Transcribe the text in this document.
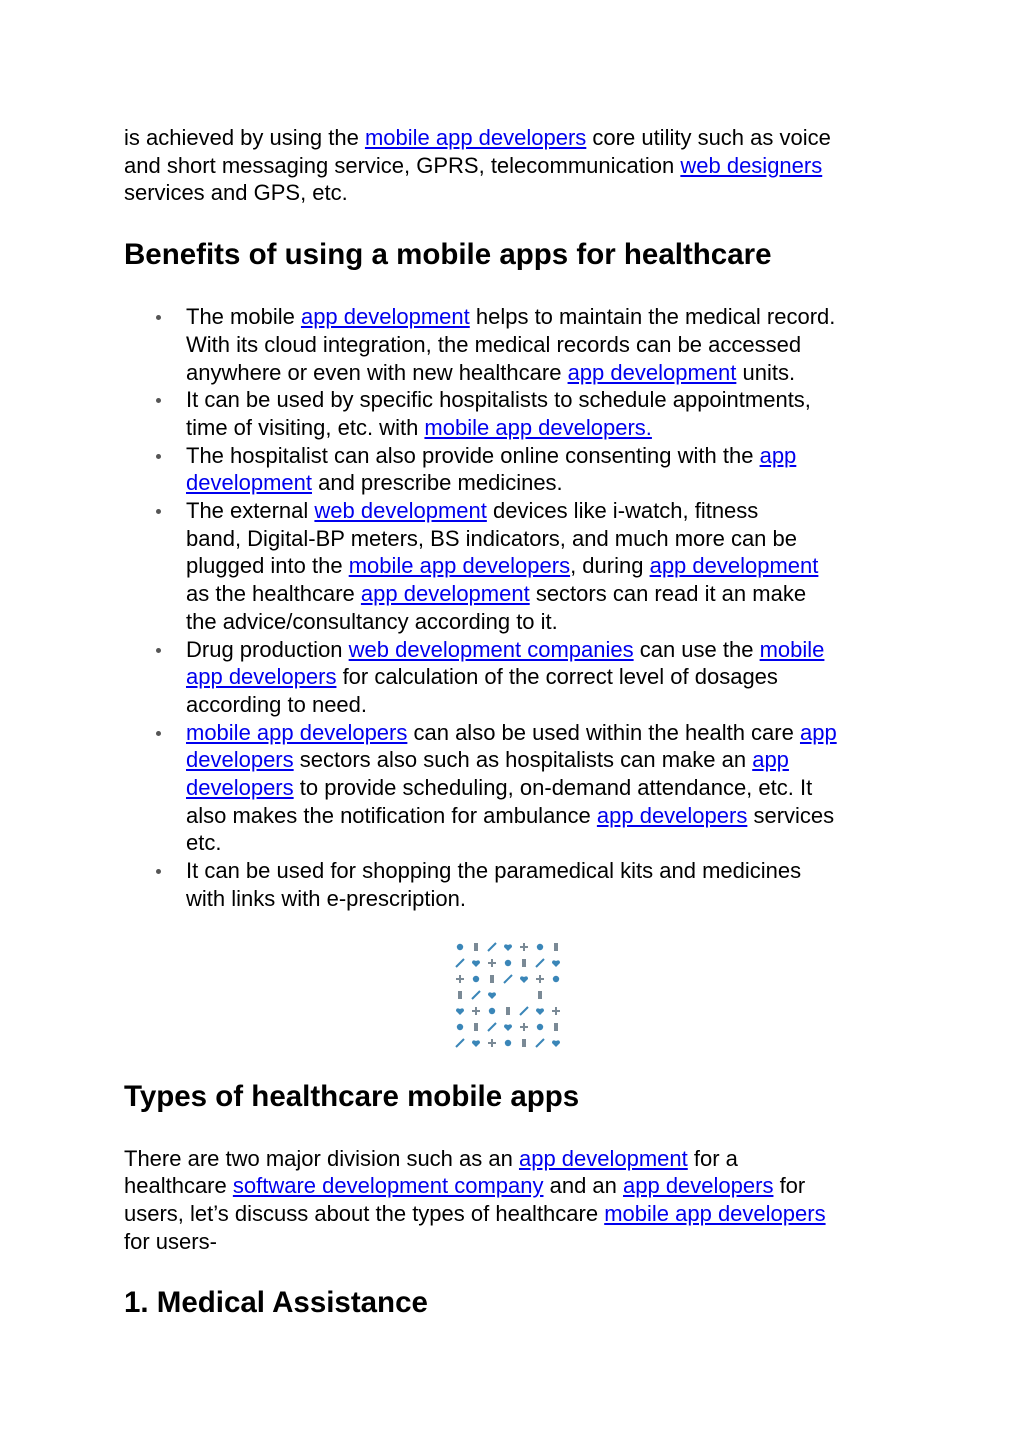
is achieved by using the mobile app developers core utility such as voice
and short messaging service, GPRS, telecommunication web designers
services and GPS, etc.

Benefits of using a mobile apps for healthcare
The mobile app development helps to maintain the medical record.
With its cloud integration, the medical records can be accessed
anywhere or even with new healthcare app development units.
It can be used by specific hospitalists to schedule appointments,
time of visiting, etc. with mobile app developers.
The hospitalist can also provide online consenting with the app
development and prescribe medicines.
The external web development devices like i-watch, fitness
band, Digital-BP meters, BS indicators, and much more can be
plugged into the mobile app developers, during app development
as the healthcare app development sectors can read it an make
the advice/consultancy according to it.
Drug production web development companies can use the mobile
app developers for calculation of the correct level of dosages
according to need.
mobile app developers can also be used within the health care app
developers sectors also such as hospitalists can make an app
developers to provide scheduling, on-demand attendance, etc. It
also makes the notification for ambulance app developers services
etc.
It can be used for shopping the paramedical kits and medicines
with links with e-prescription.
Types of healthcare mobile apps

There are two major division such as an app development for a
healthcare software development company and an app developers for
users, let’s discuss about the types of healthcare mobile app developers
for users-

1. Medical Assistance
